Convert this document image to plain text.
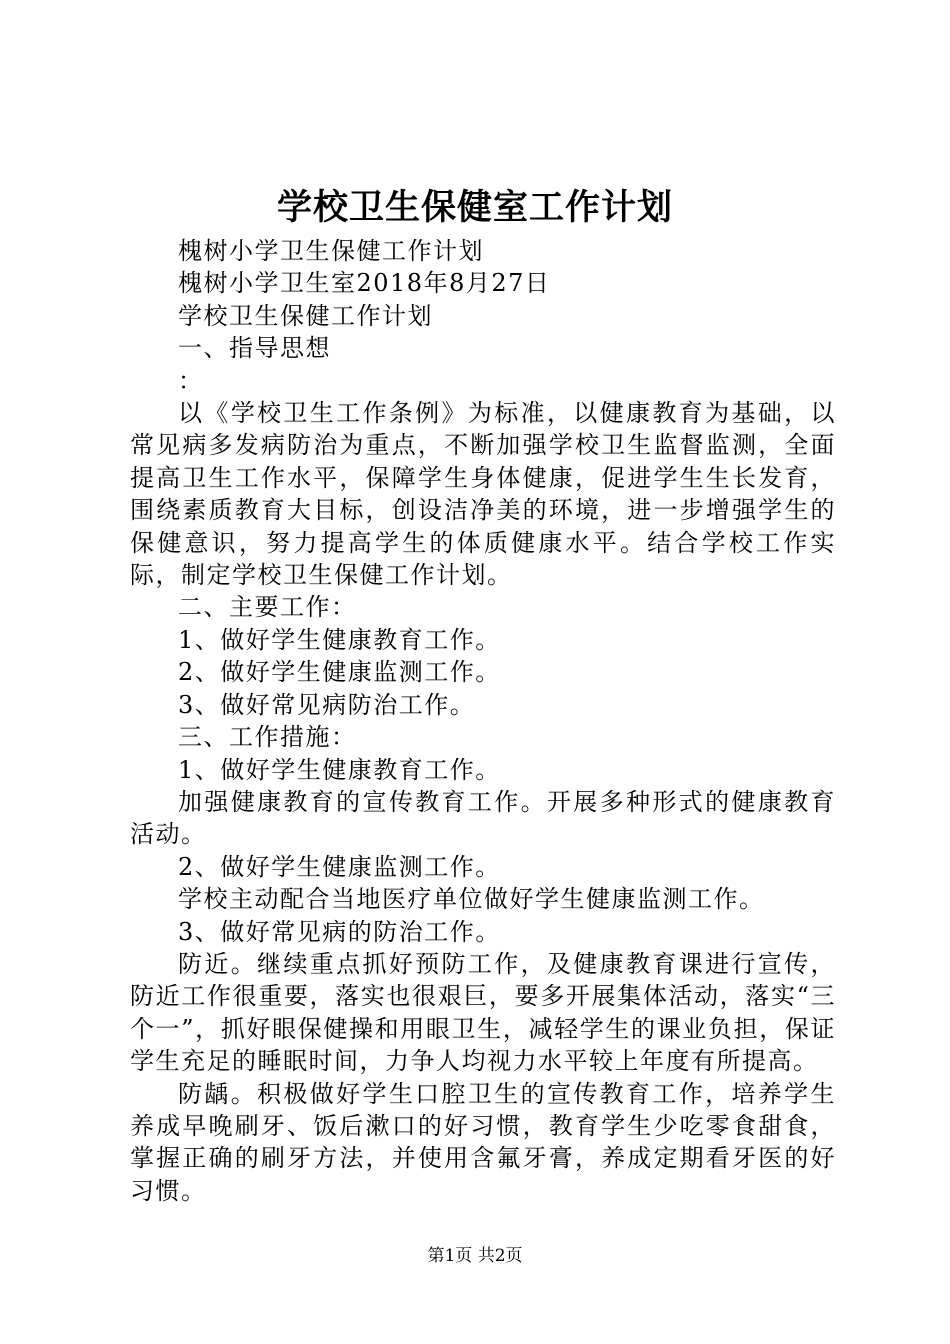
学校卫生保健室工作计划

槐树小学卫生保健工作计划

槐树小学卫生室2018年8月27日

学校卫生保健工作计划

一、指导思想

：

以《学校卫生工作条例》为标准，以健康教育为基础，以常见病多发病防治为重点，不断加强学校卫生监督监测，全面提高卫生工作水平，保障学生身体健康，促进学生生长发育，围绕素质教育大目标，创设洁净美的环境，进一步增强学生的保健意识，努力提高学生的体质健康水平。结合学校工作实际，制定学校卫生保健工作计划。

二、主要工作：

1、做好学生健康教育工作。

2、做好学生健康监测工作。

3、做好常见病防治工作。

三、工作措施：

1、做好学生健康教育工作。

加强健康教育的宣传教育工作。开展多种形式的健康教育活动。

2、做好学生健康监测工作。

学校主动配合当地医疗单位做好学生健康监测工作。

3、做好常见病的防治工作。

防近。继续重点抓好预防工作，及健康教育课进行宣传，防近工作很重要，落实也很艰巨，要多开展集体活动，落实“三个一”，抓好眼保健操和用眼卫生，减轻学生的课业负担，保证学生充足的睡眠时间，力争人均视力水平较上年度有所提高。

防龋。积极做好学生口腔卫生的宣传教育工作，培养学生养成早晚刷牙、饭后漱口的好习惯，教育学生少吃零食甜食，掌握正确的刷牙方法，并使用含氟牙膏，养成定期看牙医的好习惯。

第1页 共2页
